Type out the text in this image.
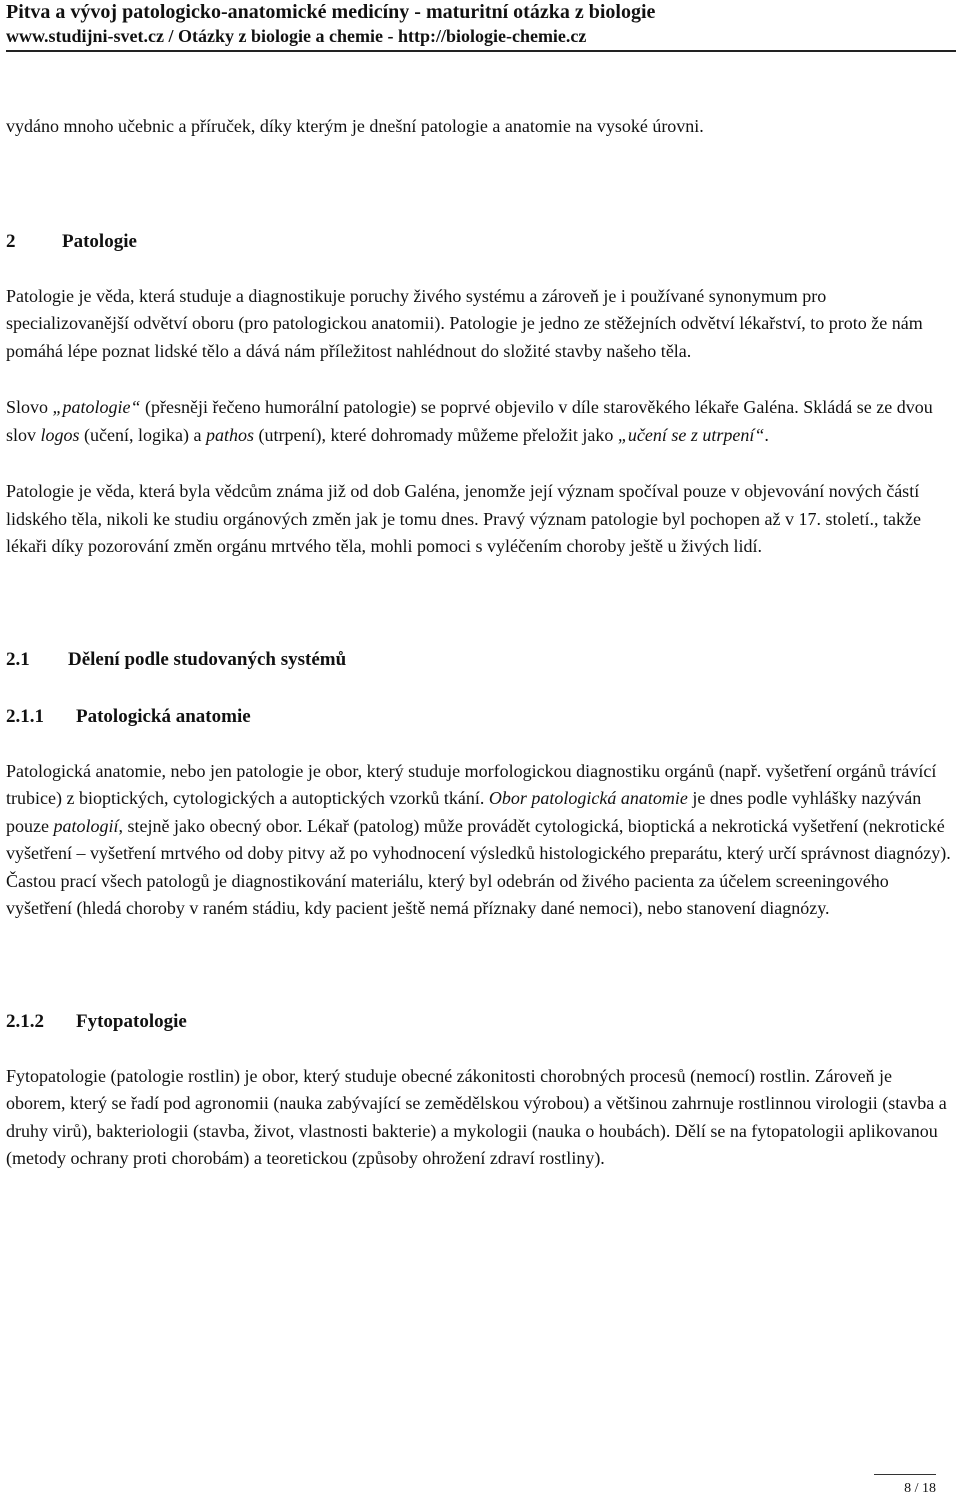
Pitva a vývoj patologicko-anatomické medicíny - maturitní otázka z biologie

www.studijni-svet.cz / Otázky z biologie a chemie - http://biologie-chemie.cz

vydáno mnoho učebnic a příruček, díky kterým je dnešní patologie a anatomie na vysoké úrovni.

2 Patologie

Patologie je věda, která studuje a diagnostikuje poruchy živého systému a zároveň je i používané synonymum pro specializovanější odvětví oboru (pro patologickou anatomii). Patologie je jedno ze stěžejních odvětví lékařství, to proto že nám pomáhá lépe poznat lidské tělo a dává nám příležitost nahlédnout do složité stavby našeho těla.

Slovo „patologie“ (přesněji řečeno humorální patologie) se poprvé objevilo v díle starověkého lékaře Galéna. Skládá se ze dvou slov logos (učení, logika) a pathos (utrpení), které dohromady můžeme přeložit jako „učení se z utrpení“.

Patologie je věda, která byla vědcům známa již od dob Galéna, jenomže její význam spočíval pouze v objevování nových částí lidského těla, nikoli ke studiu orgánových změn jak je tomu dnes. Pravý význam patologie byl pochopen až v 17. století., takže lékaři díky pozorování změn orgánu mrtvého těla, mohli pomoci s vyléčením choroby ještě u živých lidí.

2.1 Dělení podle studovaných systémů
2.1.1 Patologická anatomie

Patologická anatomie, nebo jen patologie je obor, který studuje morfologickou diagnostiku orgánů (např. vyšetření orgánů trávící trubice) z bioptických, cytologických a autoptických vzorků tkání. Obor patologická anatomie je dnes podle vyhlášky nazýván pouze patologií, stejně jako obecný obor. Lékař (patolog) může provádět cytologická, bioptická a nekrotická vyšetření (nekrotické vyšetření – vyšetření mrtvého od doby pitvy až po vyhodnocení výsledků histologického preparátu, který určí správnost diagnózy). Častou prací všech patologů je diagnostikování materiálu, který byl odebrán od živého pacienta za účelem screeningového vyšetření (hledá choroby v raném stádiu, kdy pacient ještě nemá příznaky dané nemoci), nebo stanovení diagnózy.

2.1.2 Fytopatologie

Fytopatologie (patologie rostlin) je obor, který studuje obecné zákonitosti chorobných procesů (nemocí) rostlin. Zároveň je oborem, který se řadí pod agronomii (nauka zabývající se zemědělskou výrobou) a většinou zahrnuje rostlinnou virologii (stavba a druhy virů), bakteriologii (stavba, život, vlastnosti bakterie) a mykologii (nauka o houbách). Dělí se na fytopatologii aplikovanou (metody ochrany proti chorobám) a teoretickou (způsoby ohrožení zdraví rostliny).

8 / 18
